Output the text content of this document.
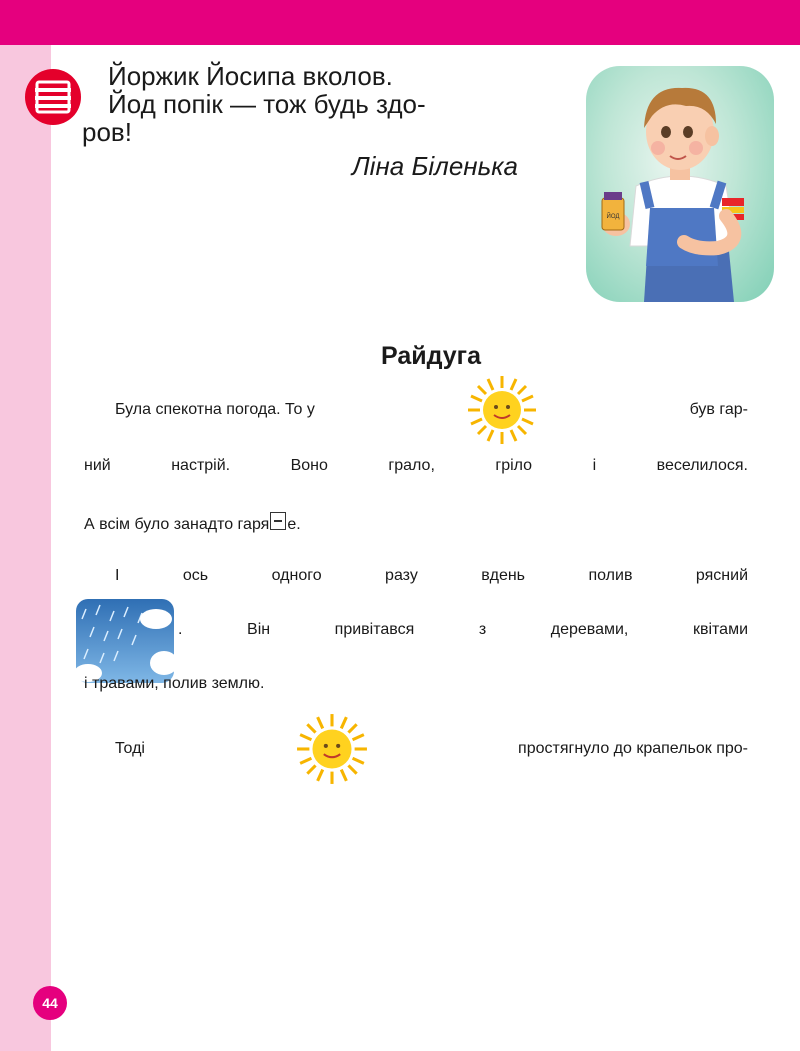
Йоржик Йосипа вколов.
Йод попік — тож будь здо-
ров!
Ліна Біленька
ЙОД
Райдуга
Була спекотна погода. То у	був гар-
ний настрій. Воно грало, гріло і веселилося.
А всім було занадто гаря е.
І	ось	одного	разу	вдень	полив	рясний
. Він привітався з деревами, квітами
і травами, полив землю.
Тоді	простягнуло до крапельок про-
44
